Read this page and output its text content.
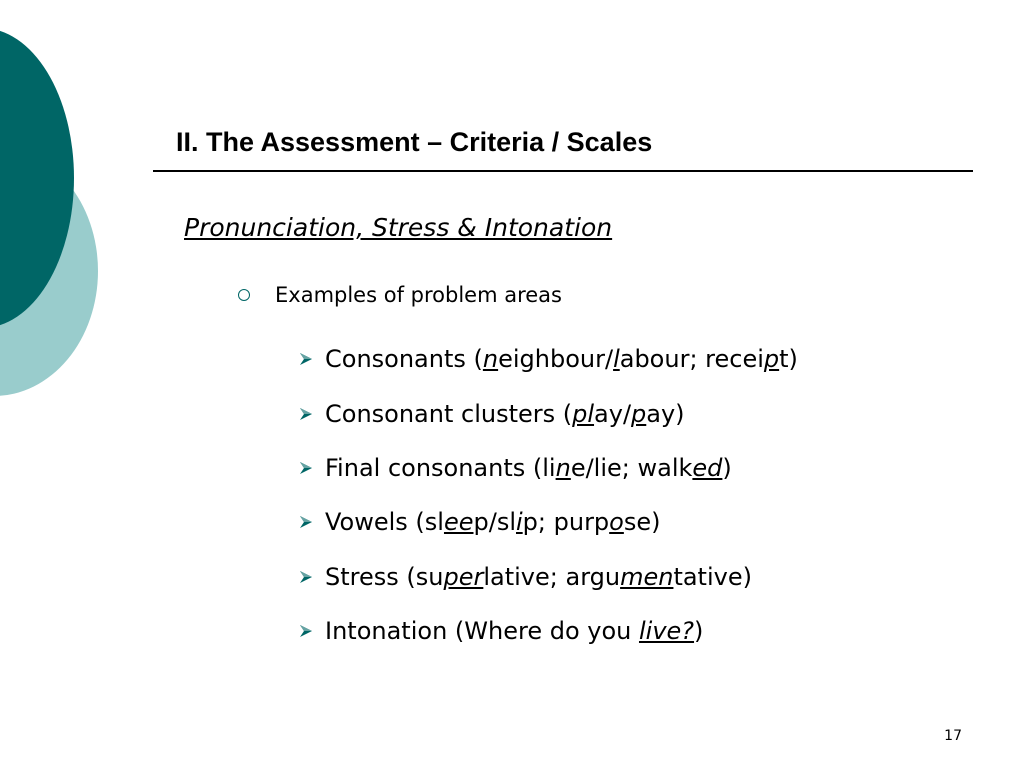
II. The Assessment – Criteria / Scales
Pronunciation, Stress & Intonation
Examples of problem areas
Consonants (neighbour/labour; receipt)
Consonant clusters (play/pay)
Final consonants (line/lie; walked)
Vowels (sleep/slip; purpose)
Stress (superlative; argumentative)
Intonation (Where do you live?)
17
